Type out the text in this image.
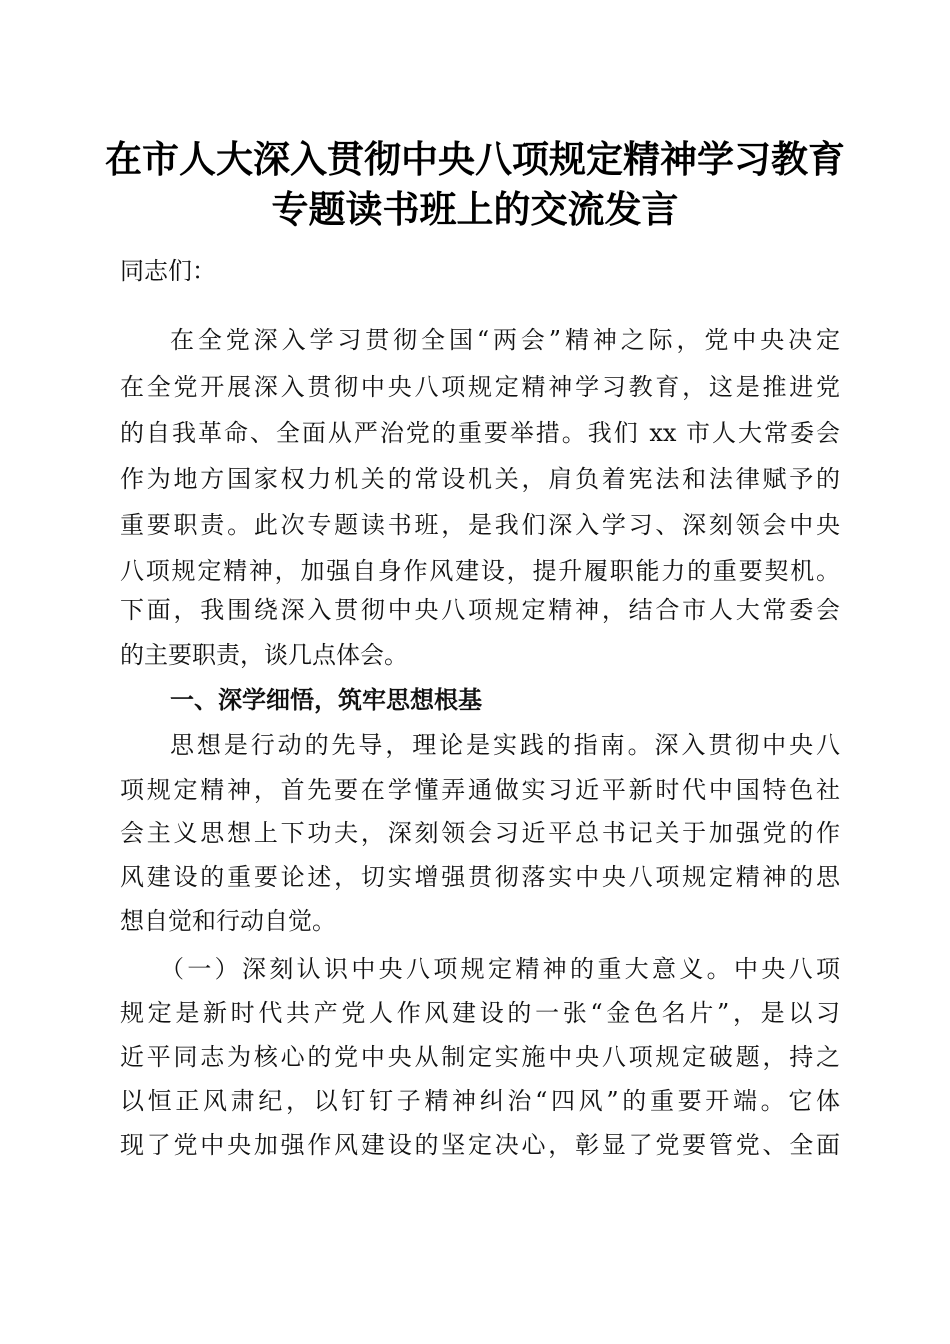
在市人大深入贯彻中央八项规定精神学习教育
专题读书班上的交流发言
同志们：
在全党深入学习贯彻全国“两会”精神之际，党中央决定
在全党开展深入贯彻中央八项规定精神学习教育，这是推进党
的自我革命、全面从严治党的重要举措。我们 xx 市人大常委会
作为地方国家权力机关的常设机关，肩负着宪法和法律赋予的
重要职责。此次专题读书班，是我们深入学习、深刻领会中央
八项规定精神，加强自身作风建设，提升履职能力的重要契机。
下面，我围绕深入贯彻中央八项规定精神，结合市人大常委会
的主要职责，谈几点体会。
一、深学细悟，筑牢思想根基
思想是行动的先导，理论是实践的指南。深入贯彻中央八
项规定精神，首先要在学懂弄通做实习近平新时代中国特色社
会主义思想上下功夫，深刻领会习近平总书记关于加强党的作
风建设的重要论述，切实增强贯彻落实中央八项规定精神的思
想自觉和行动自觉。
（一）深刻认识中央八项规定精神的重大意义。中央八项
规定是新时代共产党人作风建设的一张“金色名片”，是以习
近平同志为核心的党中央从制定实施中央八项规定破题，持之
以恒正风肃纪，以钉钉子精神纠治“四风”的重要开端。它体
现了党中央加强作风建设的坚定决心，彰显了党要管党、全面
